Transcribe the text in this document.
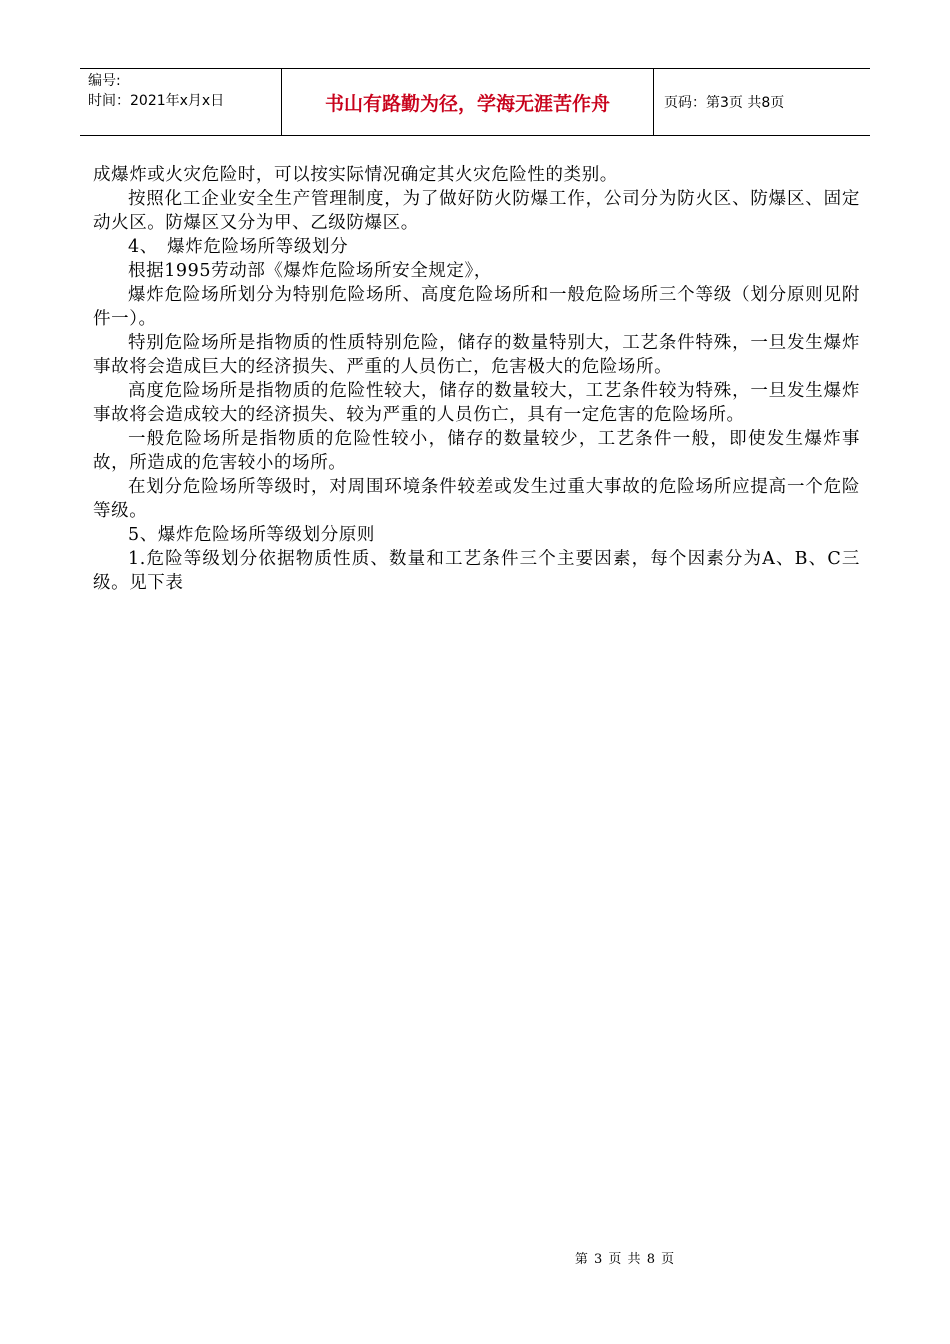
编号:
时间：2021年x月x日	书山有路勤为径，学海无涯苦作舟	页码：第3页 共8页

成爆炸或火灾危险时，可以按实际情况确定其火灾危险性的类别。

按照化工企业安全生产管理制度，为了做好防火防爆工作，公司分为防火区、防爆区、固定动火区。防爆区又分为甲、乙级防爆区。

4、　爆炸危险场所等级划分

根据1995劳动部《爆炸危险场所安全规定》，

爆炸危险场所划分为特别危险场所、高度危险场所和一般危险场所三个等级（划分原则见附件一）。

特别危险场所是指物质的性质特别危险，储存的数量特别大，工艺条件特殊，一旦发生爆炸事故将会造成巨大的经济损失、严重的人员伤亡，危害极大的危险场所。

高度危险场所是指物质的危险性较大，储存的数量较大，工艺条件较为特殊，一旦发生爆炸事故将会造成较大的经济损失、较为严重的人员伤亡，具有一定危害的危险场所。

一般危险场所是指物质的危险性较小，储存的数量较少，工艺条件一般，即使发生爆炸事故，所造成的危害较小的场所。

在划分危险场所等级时，对周围环境条件较差或发生过重大事故的危险场所应提高一个危险等级。

5、爆炸危险场所等级划分原则

1.危险等级划分依据物质性质、数量和工艺条件三个主要因素，每个因素分为A、B、C三级。见下表

第 3 页 共 8 页
